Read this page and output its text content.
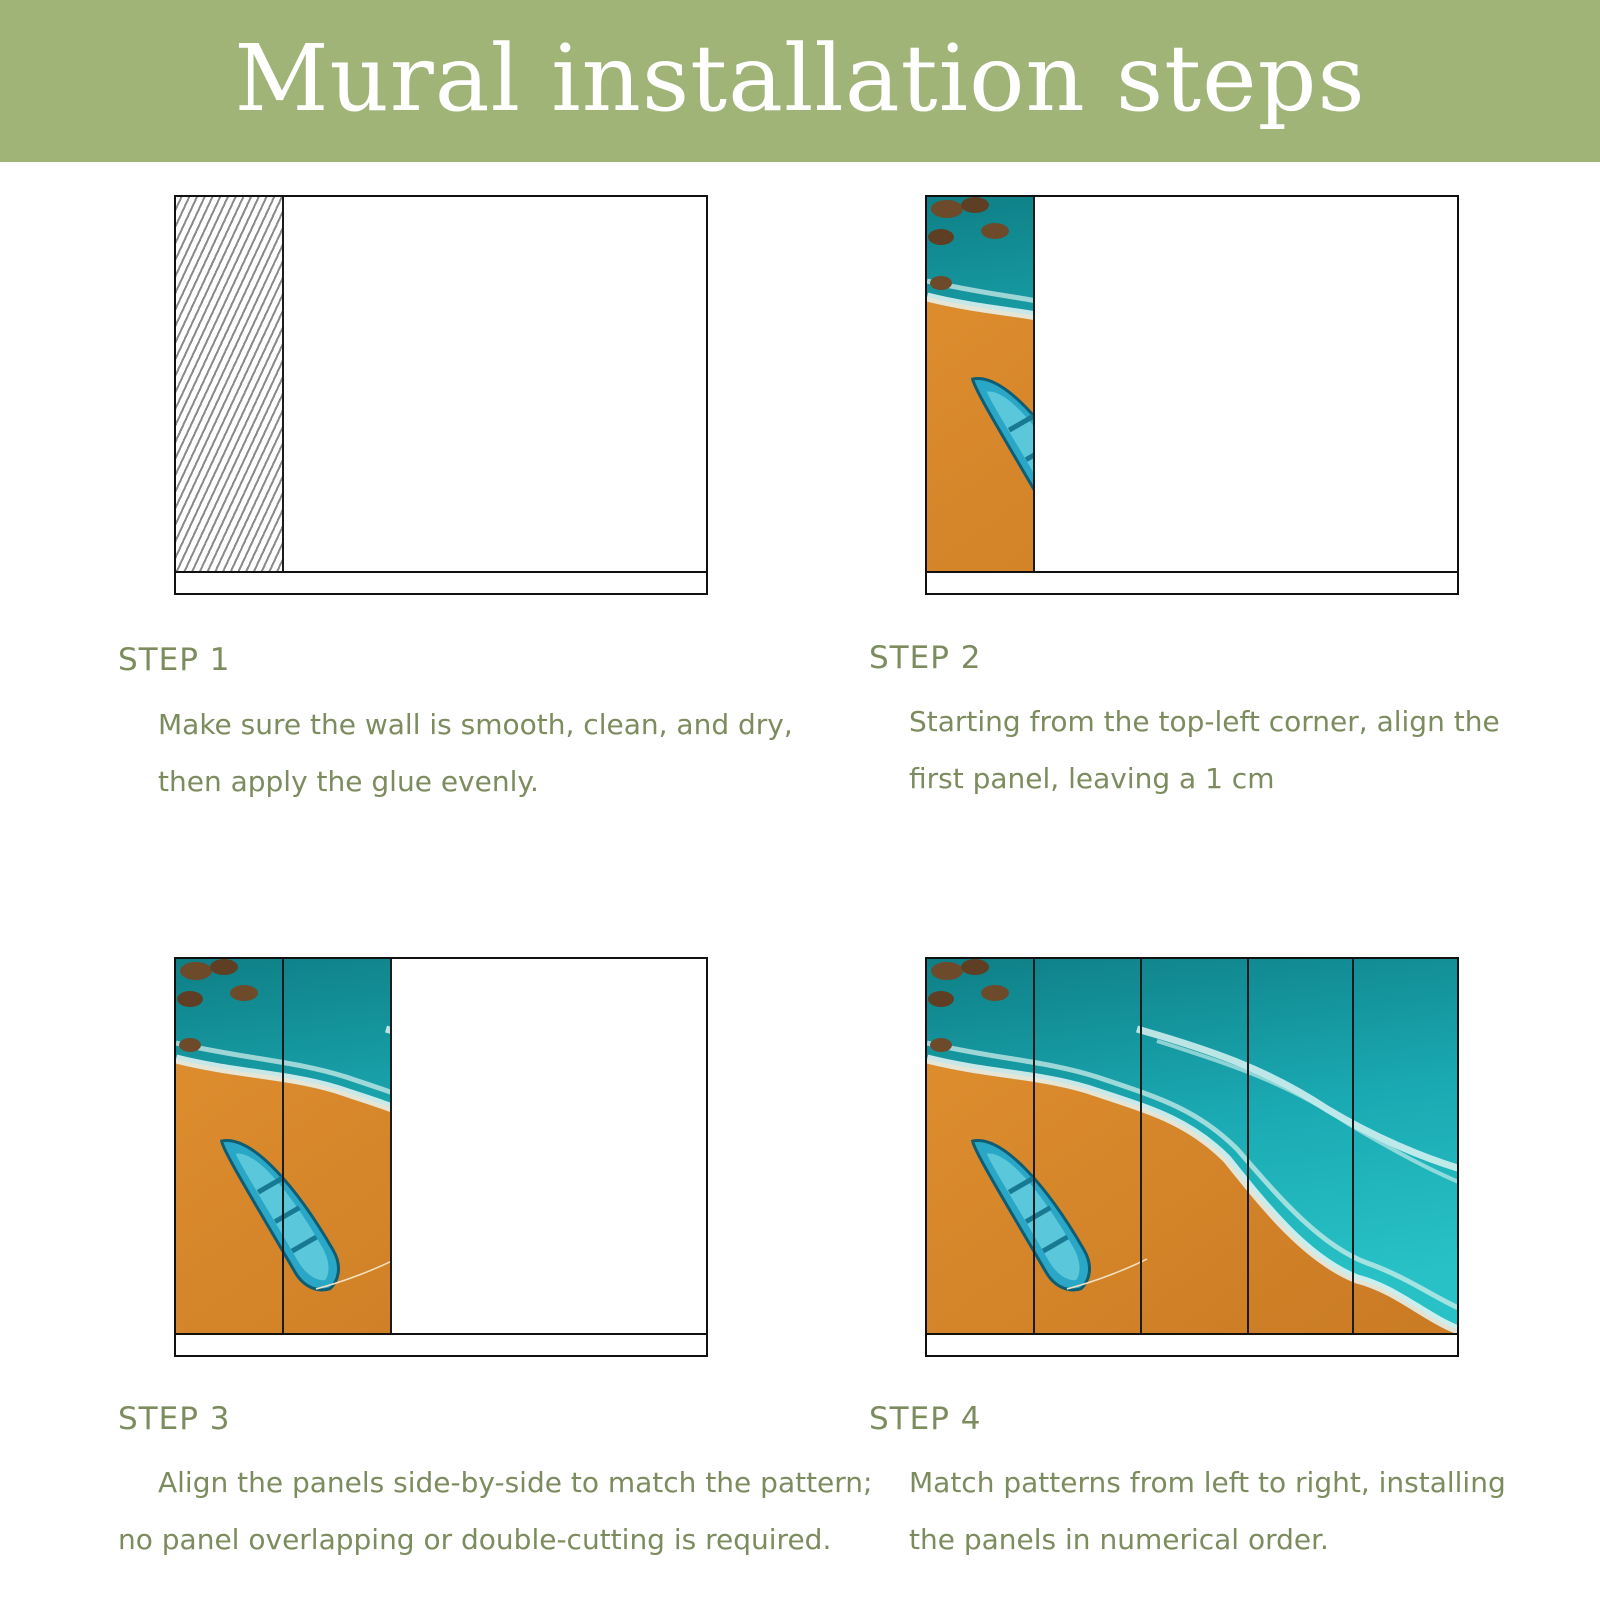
Mural installation steps
STEP 1

Make sure the wall is smooth, clean, and dry, then apply the glue evenly.

STEP 2

Starting from the top-left corner, align the first panel, leaving a 1 cm

STEP 3

Align the panels side-by-side to match the pattern; no panel overlapping or double-cutting is required.

STEP 4

Match patterns from left to right, installing the panels in numerical order.
